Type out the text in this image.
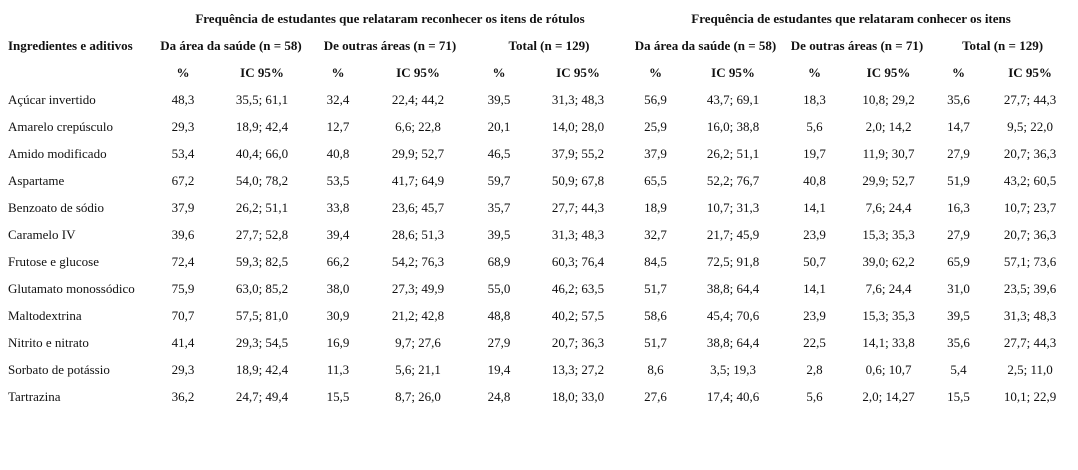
	Frequência de estudantes que relataram reconhecer os itens de rótulos						Frequência de estudantes que relataram conhecer os itens					
Ingredientes e aditivos	Da área da saúde (n = 58)		De outras áreas (n = 71)		Total (n = 129)		Da área da saúde (n = 58)		De outras áreas (n = 71)		Total (n = 129)	
	%	IC 95%	%	IC 95%	%	IC 95%	%	IC 95%	%	IC 95%	%	IC 95%
Açúcar invertido	48,3	35,5; 61,1	32,4	22,4; 44,2	39,5	31,3; 48,3	56,9	43,7; 69,1	18,3	10,8; 29,2	35,6	27,7; 44,3
Amarelo crepúsculo	29,3	18,9; 42,4	12,7	6,6; 22,8	20,1	14,0; 28,0	25,9	16,0; 38,8	5,6	2,0; 14,2	14,7	9,5; 22,0
Amido modificado	53,4	40,4; 66,0	40,8	29,9; 52,7	46,5	37,9; 55,2	37,9	26,2; 51,1	19,7	11,9; 30,7	27,9	20,7; 36,3
Aspartame	67,2	54,0; 78,2	53,5	41,7; 64,9	59,7	50,9; 67,8	65,5	52,2; 76,7	40,8	29,9; 52,7	51,9	43,2; 60,5
Benzoato de sódio	37,9	26,2; 51,1	33,8	23,6; 45,7	35,7	27,7; 44,3	18,9	10,7; 31,3	14,1	7,6; 24,4	16,3	10,7; 23,7
Caramelo IV	39,6	27,7; 52,8	39,4	28,6; 51,3	39,5	31,3; 48,3	32,7	21,7; 45,9	23,9	15,3; 35,3	27,9	20,7; 36,3
Frutose e glucose	72,4	59,3; 82,5	66,2	54,2; 76,3	68,9	60,3; 76,4	84,5	72,5; 91,8	50,7	39,0; 62,2	65,9	57,1; 73,6
Glutamato monossódico	75,9	63,0; 85,2	38,0	27,3; 49,9	55,0	46,2; 63,5	51,7	38,8; 64,4	14,1	7,6; 24,4	31,0	23,5; 39,6
Maltodextrina	70,7	57,5; 81,0	30,9	21,2; 42,8	48,8	40,2; 57,5	58,6	45,4; 70,6	23,9	15,3; 35,3	39,5	31,3; 48,3
Nitrito e nitrato	41,4	29,3; 54,5	16,9	9,7; 27,6	27,9	20,7; 36,3	51,7	38,8; 64,4	22,5	14,1; 33,8	35,6	27,7; 44,3
Sorbato de potássio	29,3	18,9; 42,4	11,3	5,6; 21,1	19,4	13,3; 27,2	8,6	3,5; 19,3	2,8	0,6; 10,7	5,4	2,5; 11,0
Tartrazina	36,2	24,7; 49,4	15,5	8,7; 26,0	24,8	18,0; 33,0	27,6	17,4; 40,6	5,6	2,0; 14,27	15,5	10,1; 22,9
